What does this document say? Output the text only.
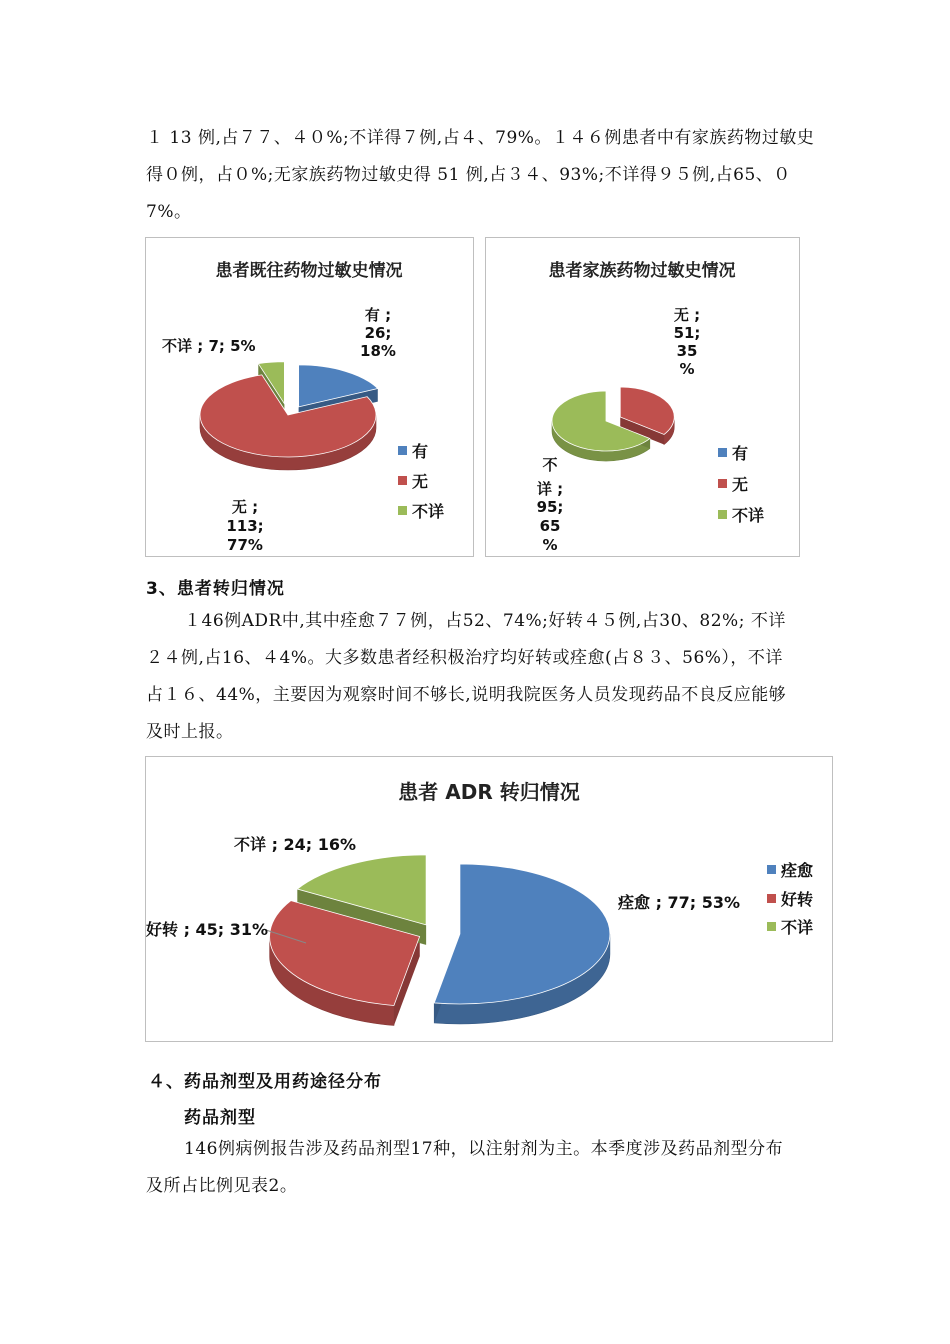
１ 13 例,占７７、４０%;不详得７例,占４、79%。１４６例患者中有家族药物过敏史
得０例，占０%;无家族药物过敏史得 51 例,占３４、93%;不详得９５例,占65、０
7%。
患者既往药物过敏史情况
有 ;
26;
18%
不详 ; 7; 5%
无 ;
113;
77%
有
无
不详
患者家族药物过敏史情况
无 ;
51;
35
%
不
详 ;
95;
65
%
有
无
不详
3、患者转归情况
１46例ADR中,其中痊愈７７例，占52、74%;好转４５例,占30、82%; 不详
２４例,占16、４4%。大多数患者经积极治疗均好转或痊愈(占８３、56%），不详
占１６、44%，主要因为观察时间不够长,说明我院医务人员发现药品不良反应能够
及时上报。
患者 ADR 转归情况
不详 ; 24; 16%
好转 ; 45; 31%
痊愈 ; 77; 53%
痊愈
好转
不详
４、药品剂型及用药途径分布
药品剂型
146例病例报告涉及药品剂型17种，以注射剂为主。本季度涉及药品剂型分布
及所占比例见表2。
